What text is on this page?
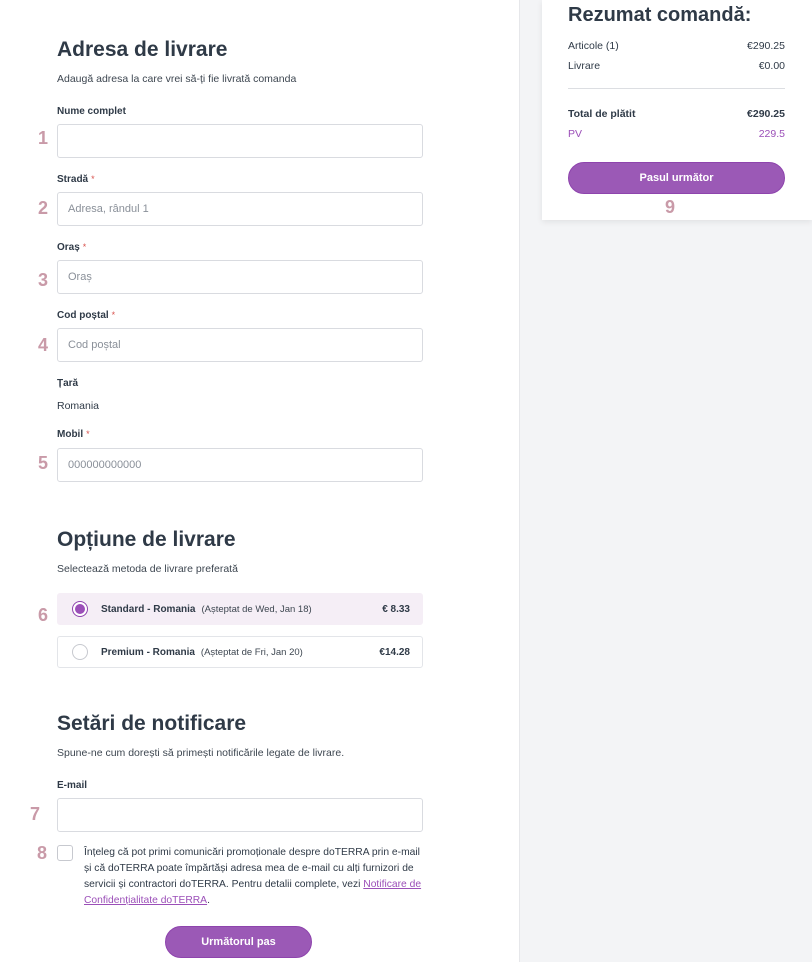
Adresa de livrare
Adaugă adresa la care vrei să-ți fie livrată comanda
Nume complet
1
Stradă *
2
Adresa, rândul 1
Oraș *
3
Oraș
Cod poștal *
4
Cod poștal
Țară
Romania
Mobil *
5
000000000000
Opțiune de livrare
Selectează metoda de livrare preferată
6	Standard - Romania (Așteptat de Wed, Jan 18)	€ 8.33
Premium - Romania (Așteptat de Fri, Jan 20)	€14.28
Setări de notificare
Spune-ne cum dorești să primești notificările legate de livrare.
E-mail
7
8	Înțeleg că pot primi comunicări promoționale despre doTERRA prin e-mail și că doTERRA poate împărtăși adresa mea de e-mail cu alți furnizori de servicii și contractori doTERRA. Pentru detalii complete, vezi Notificare de Confidențialitate doTERRA.
Următorul pas
Rezumat comandă:
Articole (1)	€290.25
Livrare	€0.00
Total de plătit	€290.25
PV	229.5
Pasul următor
9
